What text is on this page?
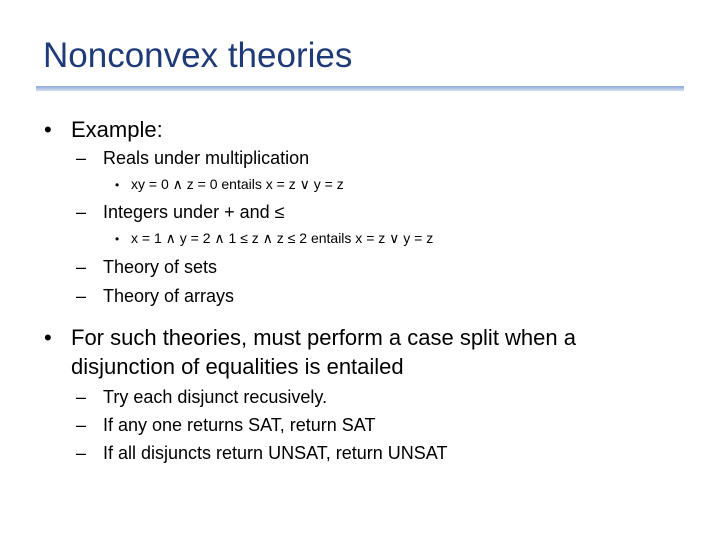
Nonconvex theories
• Example:
– Reals under multiplication
• xy = 0 ∧ z = 0 entails x = z ∨ y = z
– Integers under + and ≤
• x = 1 ∧ y = 2 ∧ 1 ≤ z ∧ z ≤ 2 entails x = z ∨ y = z
– Theory of sets
– Theory of arrays
• For such theories, must perform a case split when a
disjunction of equalities is entailed
– Try each disjunct recusively.
– If any one returns SAT, return SAT
– If all disjuncts return UNSAT, return UNSAT
